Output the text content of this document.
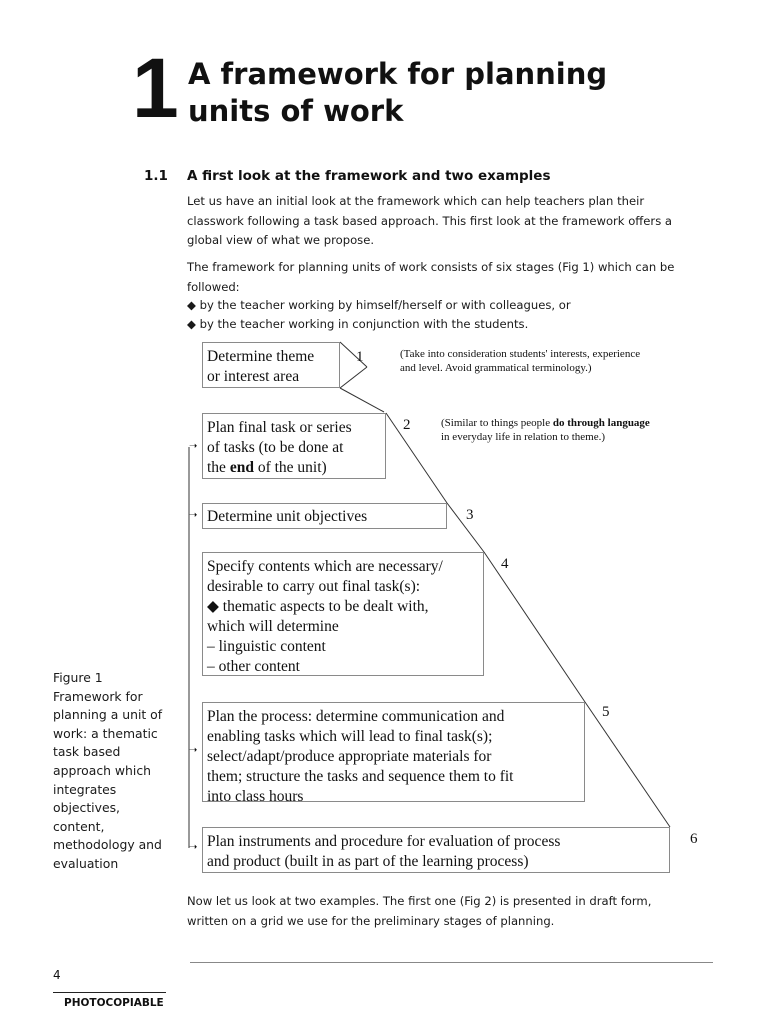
1 A framework for planning
units of work
1.1 A first look at the framework and two examples
Let us have an initial look at the framework which can help teachers plan their
classwork following a task based approach. This first look at the framework offers a
global view of what we propose.
The framework for planning units of work consists of six stages (Fig 1) which can be
followed:
◆ by the teacher working by himself/herself or with colleagues, or
◆ by the teacher working in conjunction with the students.
➝
➝
➝
➝
Determine theme
or interest area
1	(Take into consideration students' interests, experience
and level. Avoid grammatical terminology.)
Plan final task or series
of tasks (to be done at
the end of the unit)
2	(Similar to things people do through language
in everyday life in relation to theme.)
Determine unit objectives	3
Specify contents which are necessary/
desirable to carry out final task(s):
◆ thematic aspects to be dealt with,
which will determine
– linguistic content
– other content
4
Plan the process: determine communication and
enabling tasks which will lead to final task(s);
select/adapt/produce appropriate materials for
them; structure the tasks and sequence them to fit
into class hours
5
Plan instruments and procedure for evaluation of process
and product (built in as part of the learning process)
6
Figure 1
Framework for
planning a unit of
work: a thematic
task based
approach which
integrates
objectives,
content,
methodology and
evaluation
Now let us look at two examples. The first one (Fig 2) is presented in draft form,
written on a grid we use for the preliminary stages of planning.
4
PHOTOCOPIABLE
